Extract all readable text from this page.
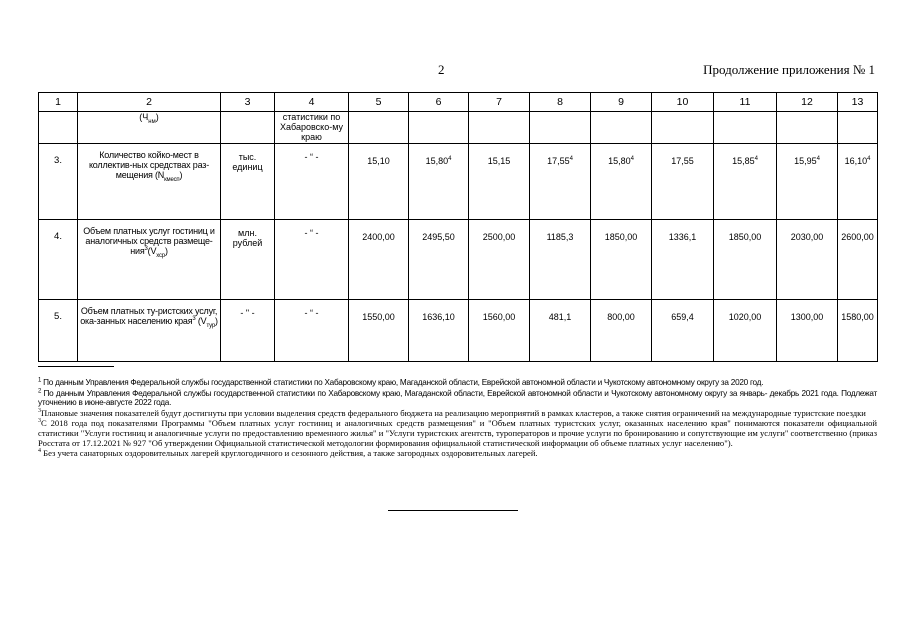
2	Продолжение приложения № 1
1	2	3	4	5	6	7	8	9	10	11	12	13
	$(Ч_{нм})$		статистики по Хабаровско-му краю									
3.	Количество койко-мест в коллектив-ных средствах раз-мещения $(N_{кмесп})$	тыс. единиц	- “ -	15,10	15,80$^4$	15,15	17,55$^4$	15,80$^4$	17,55	15,85$^4$	15,95$^4$	16,10$^4$
4.	Объем платных услуг гостиниц и аналогичных средств размеще-$ния^3(V_{хср})$	млн. рублей	- “ -	2400,00	2495,50	2500,00	1185,3	1850,00	1336,1	1850,00	2030,00	2600,00
5.	Объем платных ту-ристских услуг, ока-занных населению края$^3$ $(V_{тур})$	- " -	- “ -	1550,00	1636,10	1560,00	481,1	800,00	659,4	1020,00	1300,00	1580,00

$^1$ По данным Управления Федеральной службы государственной статистики по Хабаровскому краю, Магаданской области, Еврейской автономной области и Чукотскому автономному округу за 2020 год.

$^2$ По данным Управления Федеральной службы государственной статистики по Хабаровскому краю, Магаданской области, Еврейской автономной области и Чукотскому автономному округу за январь- декабрь 2021 года. Подлежат уточнению в июне-августе 2022 года.

$^3$Плановые значения показателей будут достигнуты при условии выделения средств федерального бюджета на реализацию мероприятий в рамках кластеров, а также снятия ограничений на международные туристские поездки

$^3$С 2018 года под показателями Программы "Объем платных услуг гостиниц и аналогичных средств размещения" и "Объем платных туристских услуг, оказанных населению края" понимаются показатели официальной статистики "Услуги гостиниц и аналогичные услуги по предоставлению временного жилья" и "Услуги туристских агентств, туроператоров и прочие услуги по бронированию и сопутствующие им услуги" соответственно (приказ Росстата от 17.12.2021 № 927 "Об утверждении Официальной статистической методологии формирования официальной статистической информации об объеме платных услуг населению").

$^4$ Без учета санаторных оздоровительных лагерей круглогодичного и сезонного действия, а также загородных оздоровительных лагерей.
